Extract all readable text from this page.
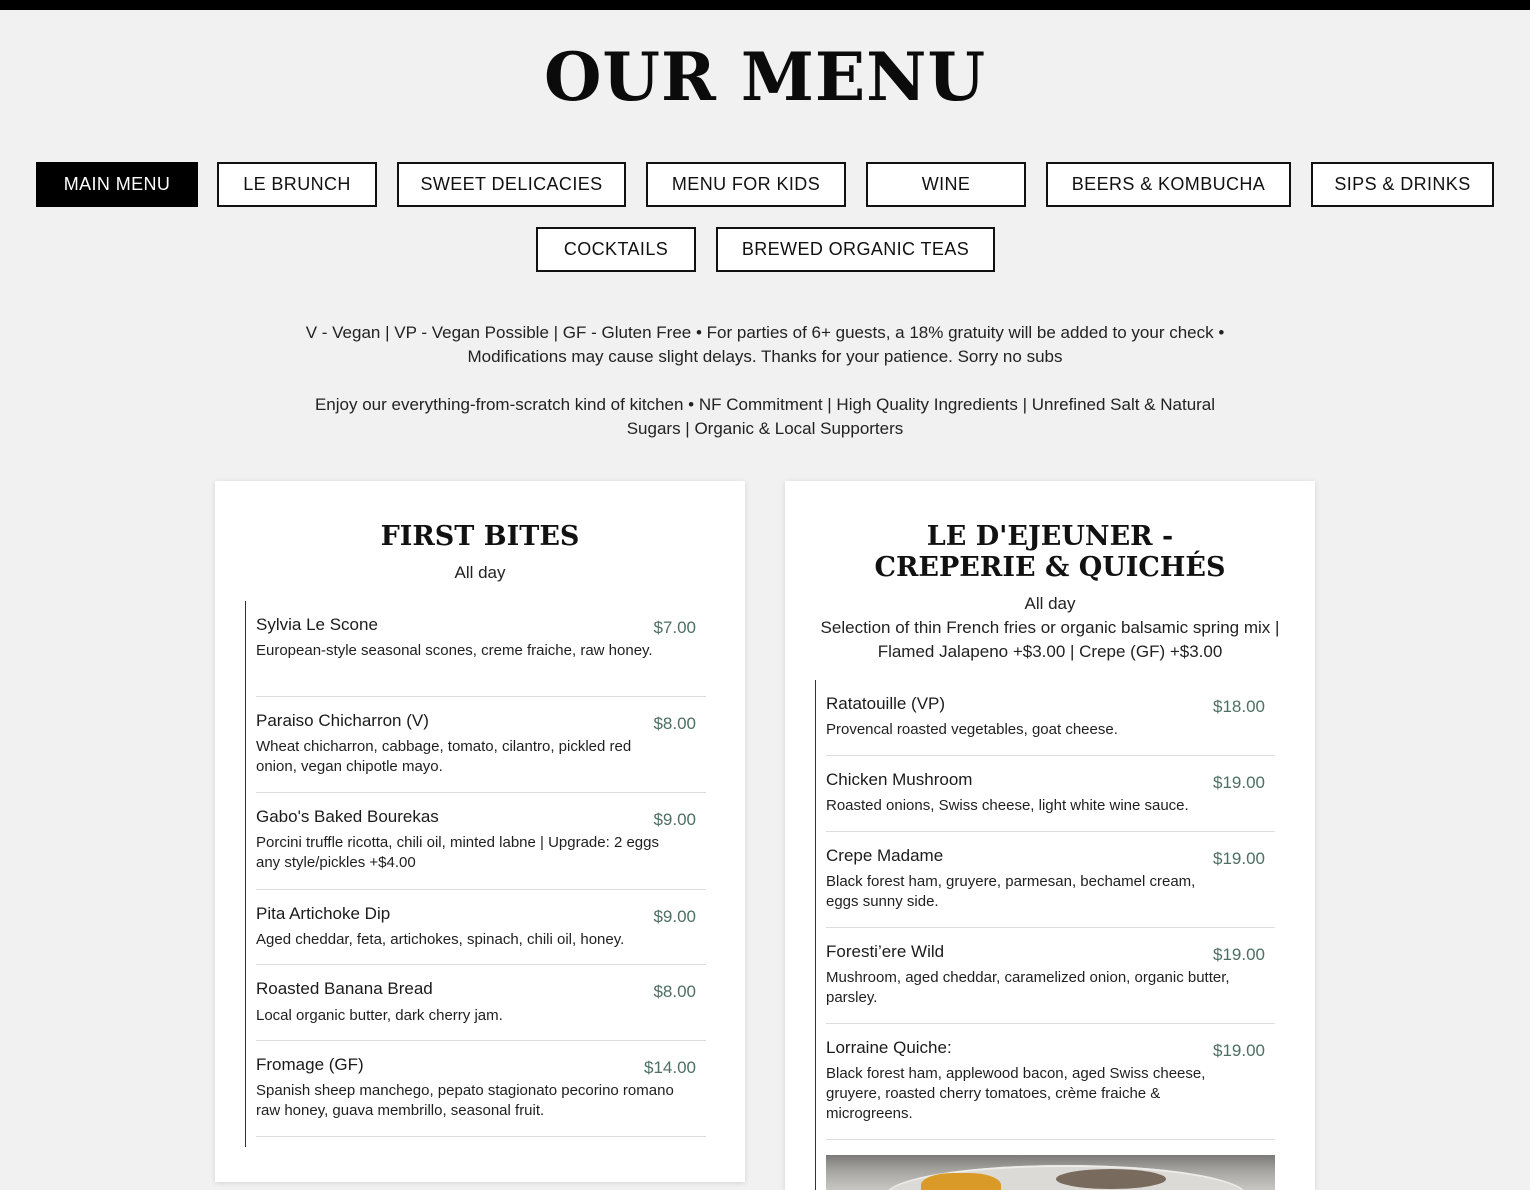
OUR MENU
MAIN MENU	LE BRUNCH	SWEET DELICACIES	MENU FOR KIDS	WINE	BEERS & KOMBUCHA	SIPS & DRINKS
COCKTAILS	BREWED ORGANIC TEAS

V - Vegan | VP - Vegan Possible | GF - Gluten Free • For parties of 6+ guests, a 18% gratuity will be added to your check • Modifications may cause slight delays. Thanks for your patience. Sorry no subs

Enjoy our everything-from-scratch kind of kitchen • NF Commitment | High Quality Ingredients | Unrefined Salt & Natural Sugars | Organic & Local Supporters

FIRST BITES
All day
Sylvia Le Scone	$7.00
European-style seasonal scones, creme fraiche, raw honey.
Paraiso Chicharron (V)	$8.00
Wheat chicharron, cabbage, tomato, cilantro, pickled red onion, vegan chipotle mayo.
Gabo's Baked Bourekas	$9.00
Porcini truffle ricotta, chili oil, minted labne | Upgrade: 2 eggs any style/pickles +$4.00
Pita Artichoke Dip	$9.00
Aged cheddar, feta, artichokes, spinach, chili oil, honey.
Roasted Banana Bread	$8.00
Local organic butter, dark cherry jam.
Fromage (GF)	$14.00
Spanish sheep manchego, pepato stagionato pecorino romano raw honey, guava membrillo, seasonal fruit.
LE D'EJEUNER - CREPERIE & QUICHÉS
All day
Selection of thin French fries or organic balsamic spring mix | Flamed Jalapeno +$3.00 | Crepe (GF) +$3.00
Ratatouille (VP)	$18.00
Provencal roasted vegetables, goat cheese.
Chicken Mushroom	$19.00
Roasted onions, Swiss cheese, light white wine sauce.
Crepe Madame	$19.00
Black forest ham, gruyere, parmesan, bechamel cream, eggs sunny side.
Foresti’ere Wild	$19.00
Mushroom, aged cheddar, caramelized onion, organic butter, parsley.
Lorraine Quiche:	$19.00
Black forest ham, applewood bacon, aged Swiss cheese, gruyere, roasted cherry tomatoes, crème fraiche & microgreens.
